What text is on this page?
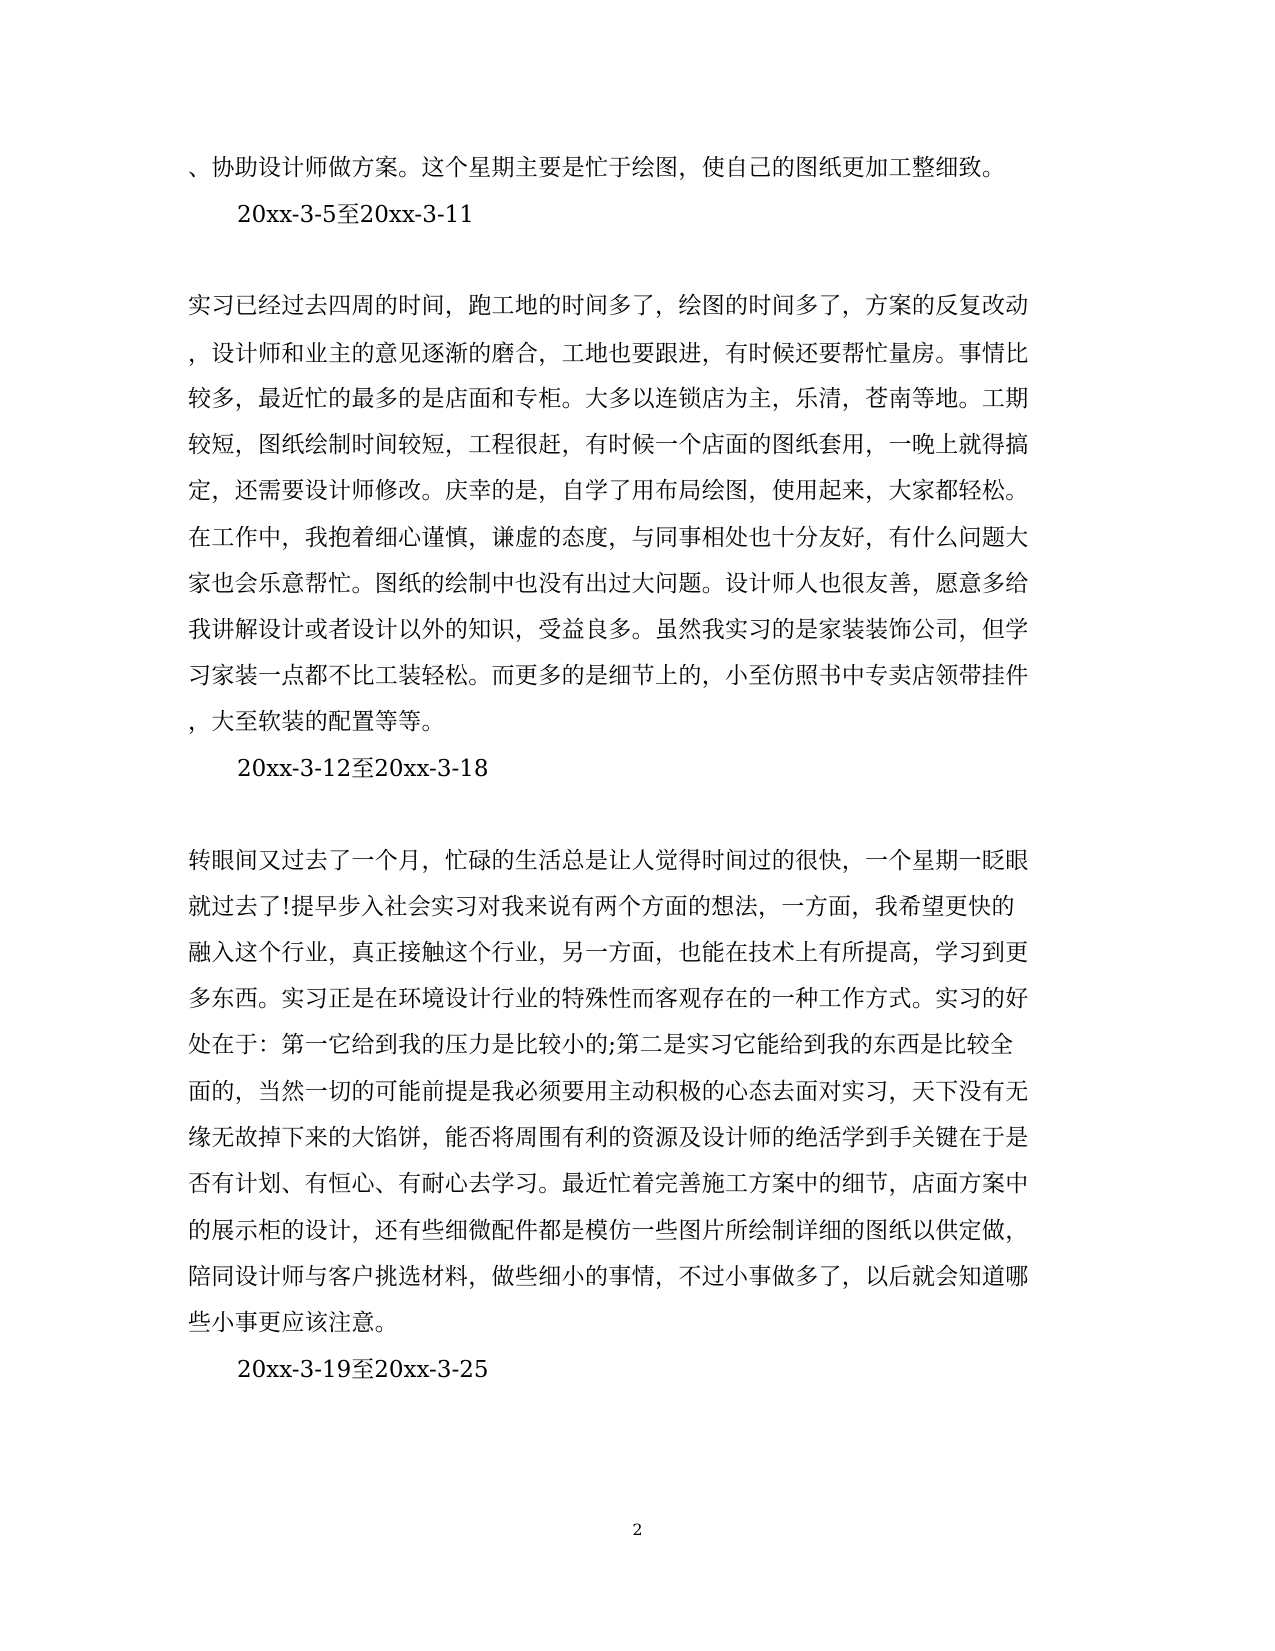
、协助设计师做方案。这个星期主要是忙于绘图，使自己的图纸更加工整细致。
20xx-3-5至20xx-3-11
实习已经过去四周的时间，跑工地的时间多了，绘图的时间多了，方案的反复改动
，设计师和业主的意见逐渐的磨合，工地也要跟进，有时候还要帮忙量房。事情比
较多，最近忙的最多的是店面和专柜。大多以连锁店为主，乐清，苍南等地。工期
较短，图纸绘制时间较短，工程很赶，有时候一个店面的图纸套用，一晚上就得搞
定，还需要设计师修改。庆幸的是，自学了用布局绘图，使用起来，大家都轻松。
在工作中，我抱着细心谨慎，谦虚的态度，与同事相处也十分友好，有什么问题大
家也会乐意帮忙。图纸的绘制中也没有出过大问题。设计师人也很友善，愿意多给
我讲解设计或者设计以外的知识，受益良多。虽然我实习的是家装装饰公司，但学
习家装一点都不比工装轻松。而更多的是细节上的，小至仿照书中专卖店领带挂件
，大至软装的配置等等。
20xx-3-12至20xx-3-18
转眼间又过去了一个月，忙碌的生活总是让人觉得时间过的很快，一个星期一眨眼
就过去了!提早步入社会实习对我来说有两个方面的想法，一方面，我希望更快的
融入这个行业，真正接触这个行业，另一方面，也能在技术上有所提高，学习到更
多东西。实习正是在环境设计行业的特殊性而客观存在的一种工作方式。实习的好
处在于：第一它给到我的压力是比较小的;第二是实习它能给到我的东西是比较全
面的，当然一切的可能前提是我必须要用主动积极的心态去面对实习，天下没有无
缘无故掉下来的大馅饼，能否将周围有利的资源及设计师的绝活学到手关键在于是
否有计划、有恒心、有耐心去学习。最近忙着完善施工方案中的细节，店面方案中
的展示柜的设计，还有些细微配件都是模仿一些图片所绘制详细的图纸以供定做，
陪同设计师与客户挑选材料，做些细小的事情，不过小事做多了，以后就会知道哪
些小事更应该注意。
20xx-3-19至20xx-3-25
2
